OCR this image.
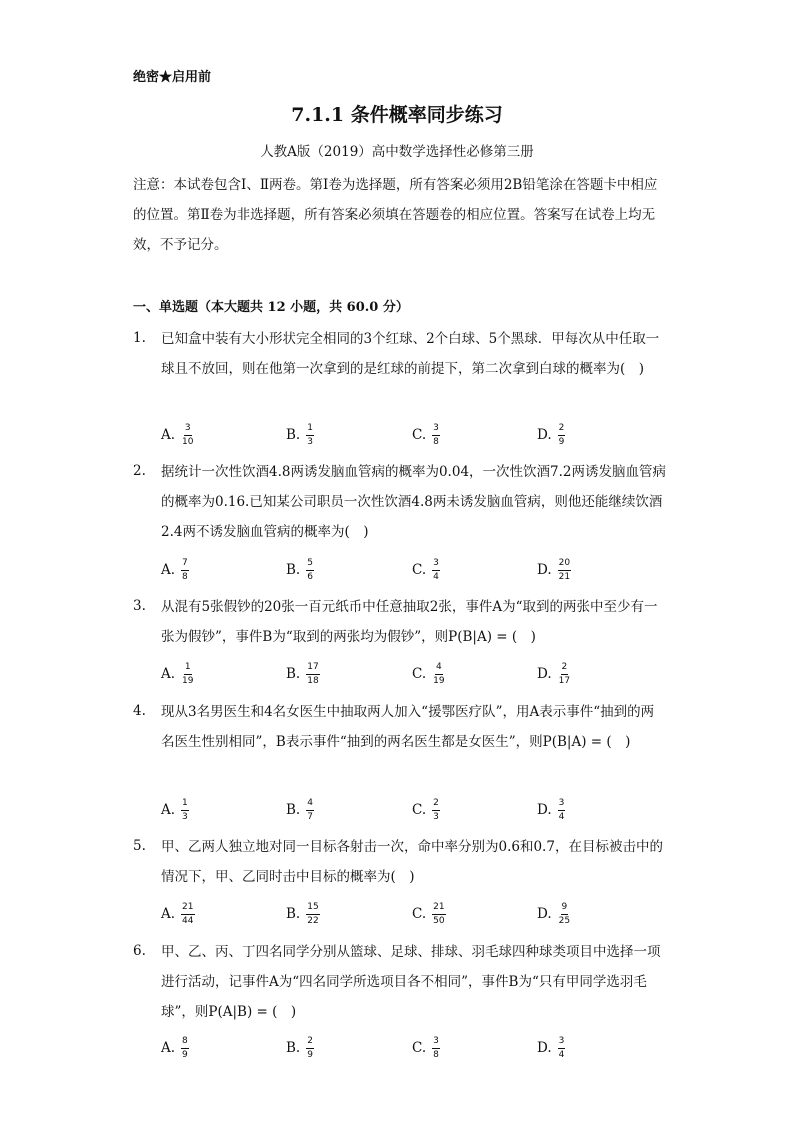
绝密★启用前
7.1.1 条件概率同步练习
人教A版（2019）高中数学选择性必修第三册
注意：本试卷包含Ⅰ、Ⅱ两卷。第Ⅰ卷为选择题，所有答案必须用2B铅笔涂在答题卡中相应的位置。第Ⅱ卷为非选择题，所有答案必须填在答题卷的相应位置。答案写在试卷上均无效，不予记分。
一、单选题（本大题共 12 小题，共 60.0 分）
1. 已知盒中装有大小形状完全相同的3个红球、2个白球、5个黑球．甲每次从中任取一球且不放回，则在他第一次拿到的是红球的前提下，第二次拿到白球的概率为(　)
A. $\frac{3}{10}$	B. $\frac{1}{3}$	C. $\frac{3}{8}$	D. $\frac{2}{9}$
2. 据统计一次性饮酒4.8两诱发脑血管病的概率为0.04，一次性饮酒7.2两诱发脑血管病的概率为0.16.已知某公司职员一次性饮酒4.8两未诱发脑血管病，则他还能继续饮酒2.4两不诱发脑血管病的概率为(　)
A. $\frac{7}{8}$	B. $\frac{5}{6}$	C. $\frac{3}{4}$	D. $\frac{20}{21}$
3. 从混有5张假钞的20张一百元纸币中任意抽取2张，事件A为“取到的两张中至少有一张为假钞”，事件B为“取到的两张均为假钞”，则P(B|A) = (　)
A. $\frac{1}{19}$	B. $\frac{17}{18}$	C. $\frac{4}{19}$	D. $\frac{2}{17}$
4. 现从3名男医生和4名女医生中抽取两人加入“援鄂医疗队”，用A表示事件“抽到的两名医生性别相同”，B表示事件“抽到的两名医生都是女医生”，则P(B|A) = (　)
A. $\frac{1}{3}$	B. $\frac{4}{7}$	C. $\frac{2}{3}$	D. $\frac{3}{4}$
5. 甲、乙两人独立地对同一目标各射击一次，命中率分别为0.6和0.7，在目标被击中的情况下，甲、乙同时击中目标的概率为(　)
A. $\frac{21}{44}$	B. $\frac{15}{22}$	C. $\frac{21}{50}$	D. $\frac{9}{25}$
6. 甲、乙、丙、丁四名同学分别从篮球、足球、排球、羽毛球四种球类项目中选择一项进行活动，记事件A为“四名同学所选项目各不相同”，事件B为“只有甲同学选羽毛球”，则P(A|B) = (　)
A. $\frac{8}{9}$	B. $\frac{2}{9}$	C. $\frac{3}{8}$	D. $\frac{3}{4}$
